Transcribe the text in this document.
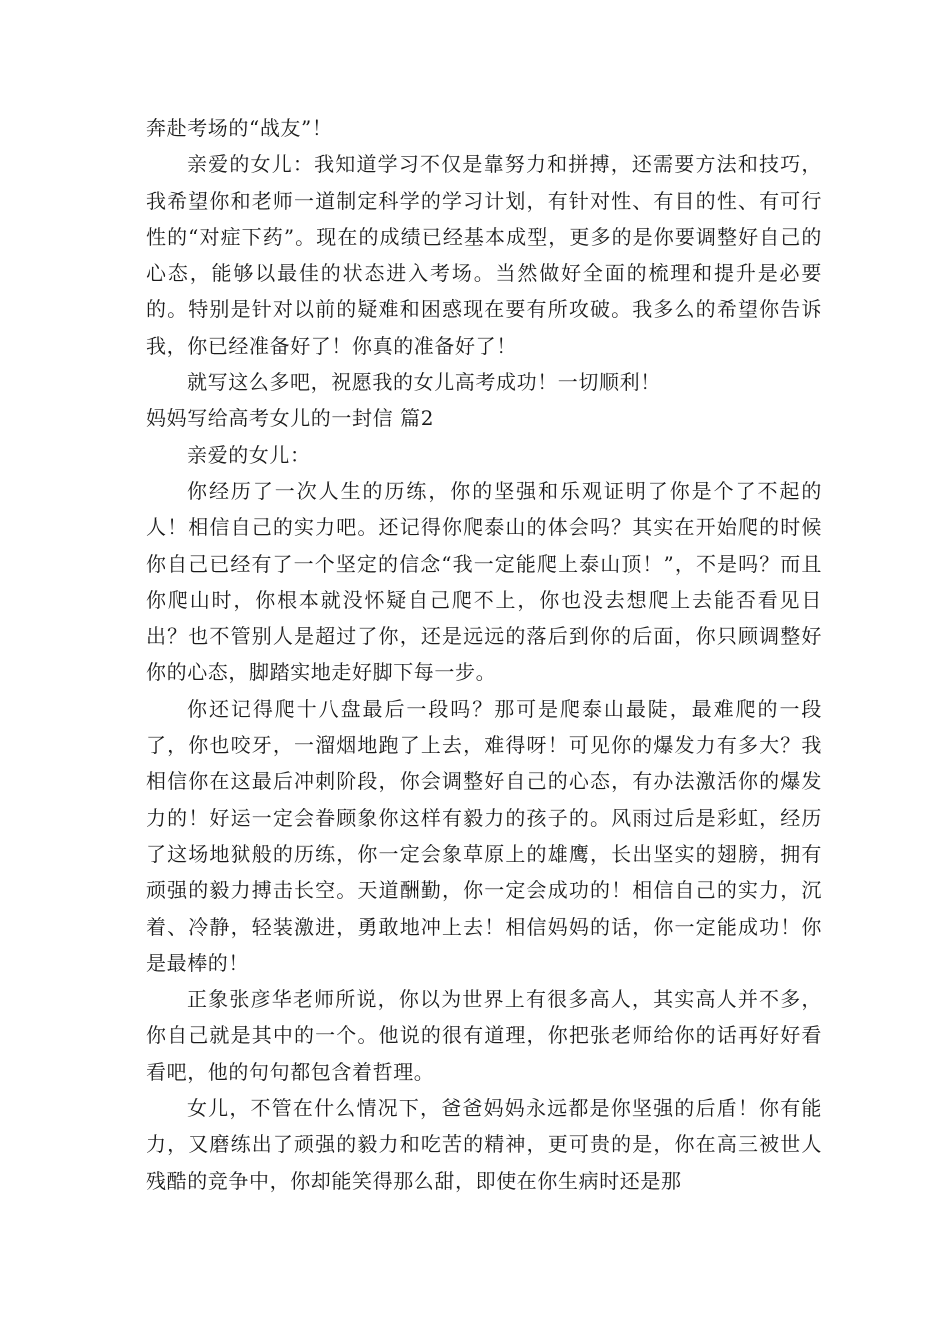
奔赴考场的“战友”！

亲爱的女儿：我知道学习不仅是靠努力和拼搏，还需要方法和技巧，我希望你和老师一道制定科学的学习计划，有针对性、有目的性、有可行性的“对症下药”。现在的成绩已经基本成型，更多的是你要调整好自己的心态，能够以最佳的状态进入考场。当然做好全面的梳理和提升是必要的。特别是针对以前的疑难和困惑现在要有所攻破。我多么的希望你告诉我，你已经准备好了！你真的准备好了！

就写这么多吧，祝愿我的女儿高考成功！一切顺利！

妈妈写给高考女儿的一封信 篇2

亲爱的女儿：

你经历了一次人生的历练，你的坚强和乐观证明了你是个了不起的人！相信自己的实力吧。还记得你爬泰山的体会吗？其实在开始爬的时候你自己已经有了一个坚定的信念“我一定能爬上泰山顶！”，不是吗？而且你爬山时，你根本就没怀疑自己爬不上，你也没去想爬上去能否看见日出？也不管别人是超过了你，还是远远的落后到你的后面，你只顾调整好你的心态，脚踏实地走好脚下每一步。

你还记得爬十八盘最后一段吗？那可是爬泰山最陡，最难爬的一段了，你也咬牙，一溜烟地跑了上去，难得呀！可见你的爆发力有多大？我相信你在这最后冲刺阶段，你会调整好自己的心态，有办法激活你的爆发力的！好运一定会眷顾象你这样有毅力的孩子的。风雨过后是彩虹，经历了这场地狱般的历练，你一定会象草原上的雄鹰，长出坚实的翅膀，拥有顽强的毅力搏击长空。天道酬勤，你一定会成功的！相信自己的实力，沉着、冷静，轻装激进，勇敢地冲上去！相信妈妈的话，你一定能成功！你是最棒的！

正象张彦华老师所说，你以为世界上有很多高人，其实高人并不多，你自己就是其中的一个。他说的很有道理，你把张老师给你的话再好好看看吧，他的句句都包含着哲理。

女儿，不管在什么情况下，爸爸妈妈永远都是你坚强的后盾！你有能力，又磨练出了顽强的毅力和吃苦的精神，更可贵的是，你在高三被世人残酷的竞争中，你却能笑得那么甜，即使在你生病时还是那
